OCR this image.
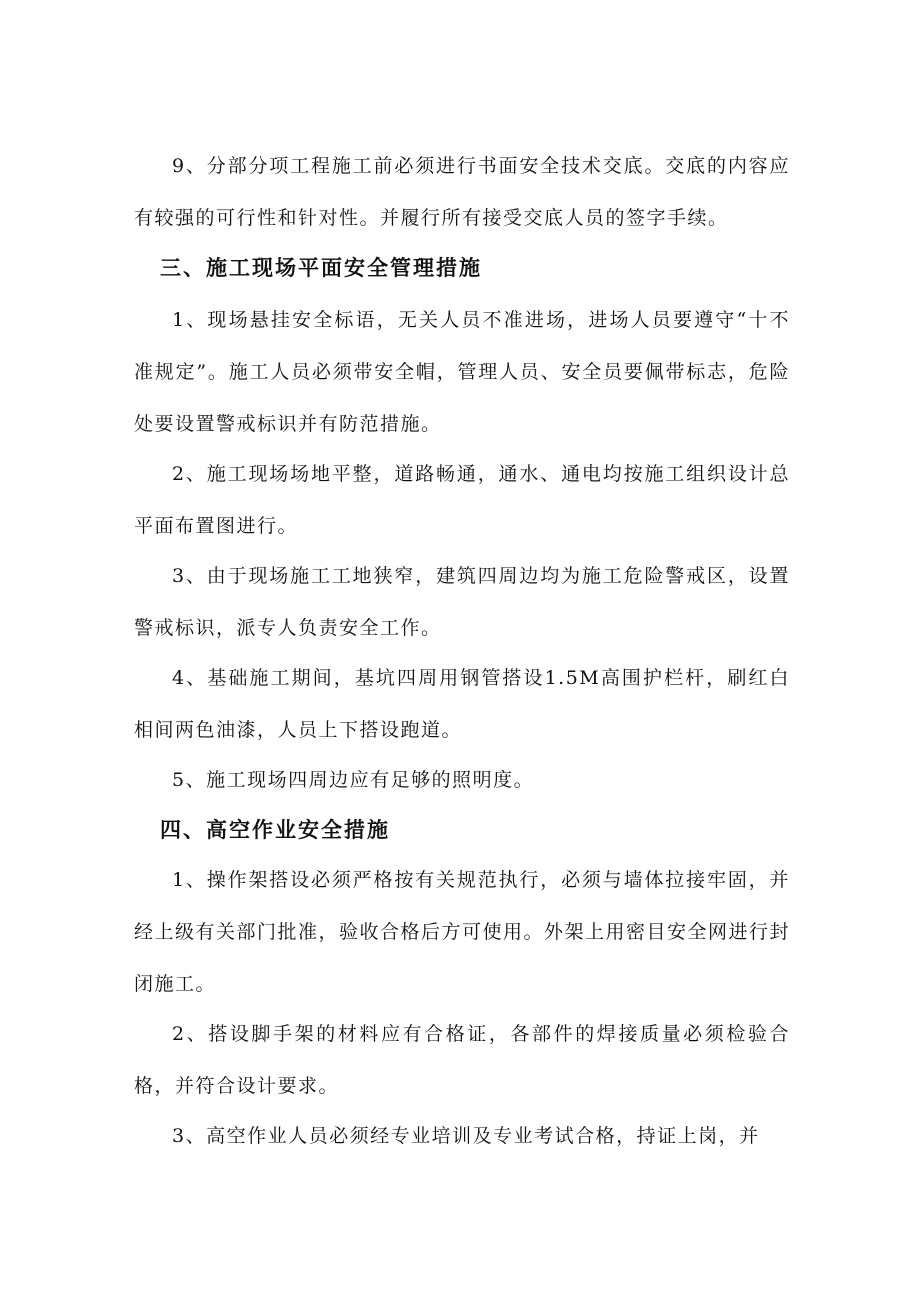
9、分部分项工程施工前必须进行书面安全技术交底。交底的内容应有较强的可行性和针对性。并履行所有接受交底人员的签字手续。

三、施工现场平面安全管理措施

1、现场悬挂安全标语，无关人员不准进场，进场人员要遵守“十不准规定”。施工人员必须带安全帽，管理人员、安全员要佩带标志，危险处要设置警戒标识并有防范措施。

2、施工现场场地平整，道路畅通，通水、通电均按施工组织设计总平面布置图进行。

3、由于现场施工工地狭窄，建筑四周边均为施工危险警戒区，设置警戒标识，派专人负责安全工作。

4、基础施工期间，基坑四周用钢管搭设1.5M高围护栏杆，刷红白相间两色油漆，人员上下搭设跑道。

5、施工现场四周边应有足够的照明度。

四、高空作业安全措施

1、操作架搭设必须严格按有关规范执行，必须与墙体拉接牢固，并经上级有关部门批准，验收合格后方可使用。外架上用密目安全网进行封闭施工。

2、搭设脚手架的材料应有合格证，各部件的焊接质量必须检验合格，并符合设计要求。

3、高空作业人员必须经专业培训及专业考试合格，持证上岗，并
